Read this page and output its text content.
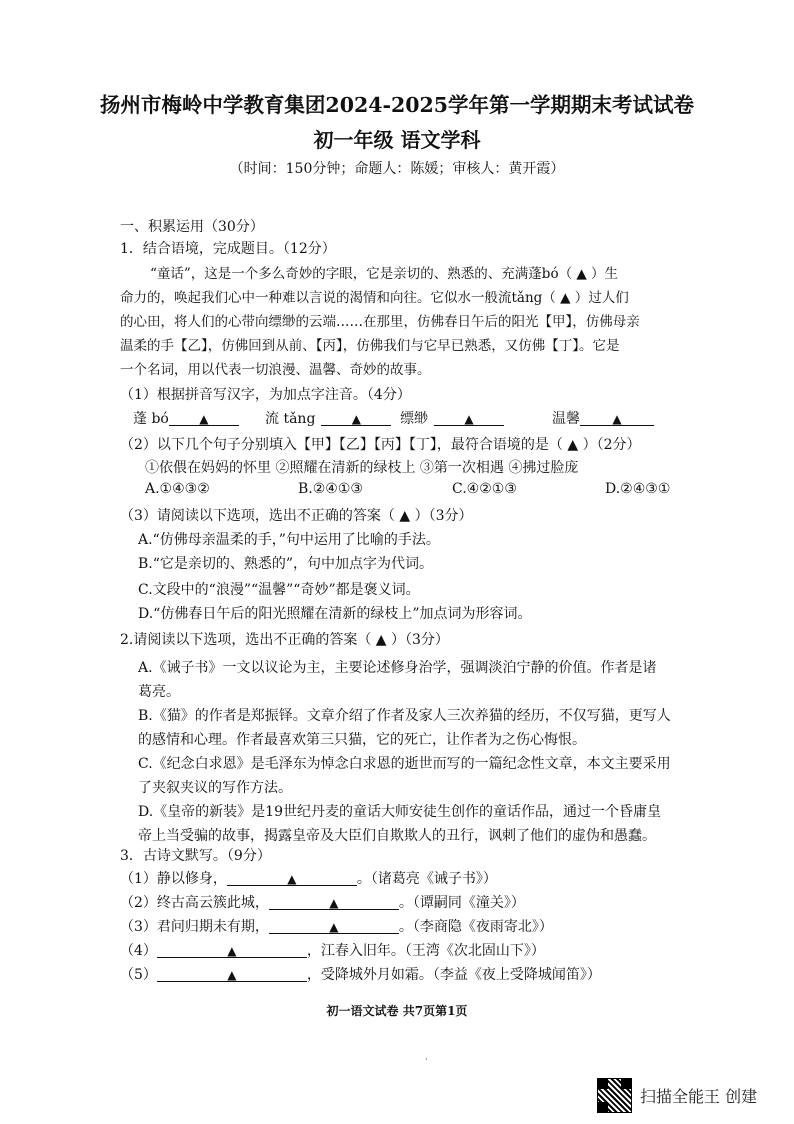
扬州市梅岭中学教育集团2024-2025学年第一学期期末考试试卷
初一年级 语文学科
（时间：150分钟；命题人：陈媛；审核人：黄开霞）
一、积累运用（30分）
1．结合语境，完成题目。（12分）
“童话”，这是一个多么奇妙的字眼，它是亲切的、熟悉的、充满蓬bó（ ▲ ）生
命力的，唤起我们心中一种难以言说的渴情和向往。它似水一般流tǎng（ ▲ ）过人们
的心田，将人们的心带向缥缈的云端……在那里，仿佛春日午后的阳光【甲】，仿佛母亲
温柔的手【乙】，仿佛回到从前、【丙】，仿佛我们与它早已熟悉，又仿佛【丁】。它是
一个名词，用以代表一切浪漫、温馨、奇妙的故事。
（1）根据拼音写汉字，为加点字注音。（4分）
蓬 bó	▲	流 tǎng	▲	缥缈	▲	温馨	▲
（2）以下几个句子分别填入【甲】【乙】【丙】【丁】，最符合语境的是（ ▲ ）（2分）
①依偎在妈妈的怀里 ②照耀在清新的绿枝上 ③第一次相遇 ④拂过脸庞
A.①④③②	B.②④①③	C.④②①③	D.②④③①
（3）请阅读以下选项，选出不正确的答案（ ▲ ）（3分）
A.“仿佛母亲温柔的手，”句中运用了比喻的手法。
B.“它是亲切的、熟悉的”，句中加点字为代词。
C.文段中的“浪漫”“温馨”“奇妙”都是褒义词。
D.“仿佛春日午后的阳光照耀在清新的绿枝上”加点词为形容词。
2.请阅读以下选项，选出不正确的答案（ ▲ ）（3分）
A.《诫子书》一文以议论为主，主要论述修身治学，强调淡泊宁静的价值。作者是诸
葛亮。
B.《猫》的作者是郑振铎。文章介绍了作者及家人三次养猫的经历，不仅写猫，更写人
的感情和心理。作者最喜欢第三只猫，它的死亡，让作者为之伤心悔恨。
C.《纪念白求恩》是毛泽东为悼念白求恩的逝世而写的一篇纪念性文章，本文主要采用
了夹叙夹议的写作方法。
D.《皇帝的新装》是19世纪丹麦的童话大师安徒生创作的童话作品，通过一个昏庸皇
帝上当受骗的故事，揭露皇帝及大臣们自欺欺人的丑行，讽刺了他们的虚伪和愚蠢。
3．古诗文默写。（9分）
（1）静以修身，	▲	。（诸葛亮《诫子书》）
（2）终古高云簇此城，	▲	。（谭嗣同《潼关》）
（3）君问归期未有期，	▲	。（李商隐《夜雨寄北》）
（4）	▲	，江春入旧年。（王湾《次北固山下》）
（5）	▲	，受降城外月如霜。（李益《夜上受降城闻笛》）
初一语文试卷 共7页第1页
·
扫描全能王 创建
